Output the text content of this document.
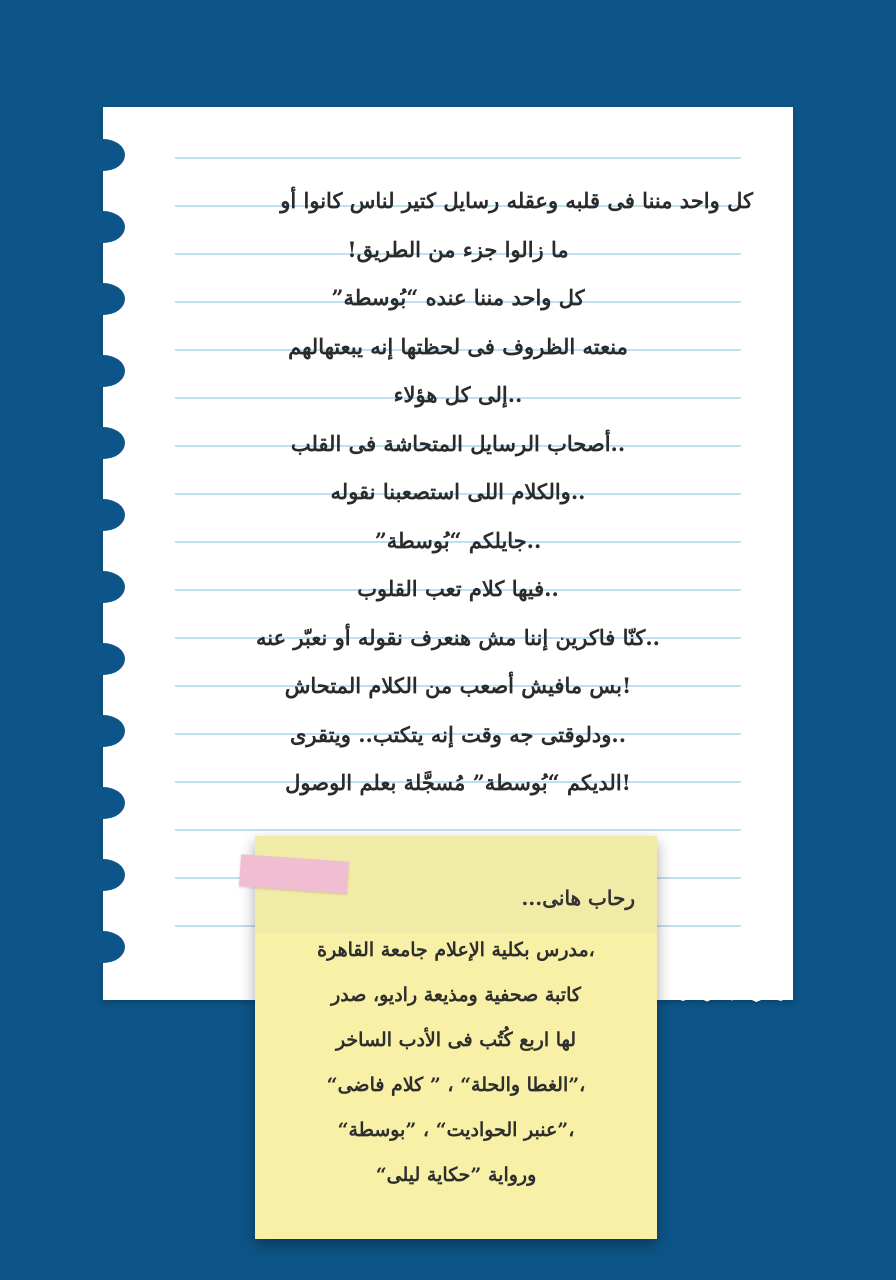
كل واحد مننا فى قلبه وعقله رسايل كتير لناس كانوا أو
ما زالوا جزء من الطريق!
كل واحد مننا عنده “بُوسطة”
منعته الظروف فى لحظتها إنه يبعتهالهم
..إلى كل هؤلاء
..أصحاب الرسايل المتحاشة فى القلب
..والكلام اللى استصعبنا نقوله
..جايلكم “بُوسطة”
..فيها كلام تعب القلوب
..كنّا فاكرين إننا مش هنعرف نقوله أو نعبّر عنه
!بس مافيش أصعب من الكلام المتحاش
..ودلوقتى جه وقت إنه يتكتب.. ويتقرى
!الديكم “بُوسطة” مُسجَّلة بعلم الوصول
رحاب هانى...
،مدرس بكلية الإعلام جامعة القاهرة
كاتبة صحفية ومذيعة راديو، صدر
لها اربع كُتُب فى الأدب الساخر
،”الغطا والحلة“ ، ” كلام فاضى“
،”عنبر الحواديت“ ، ”بوسطة“
ورواية ”حكاية ليلى“
